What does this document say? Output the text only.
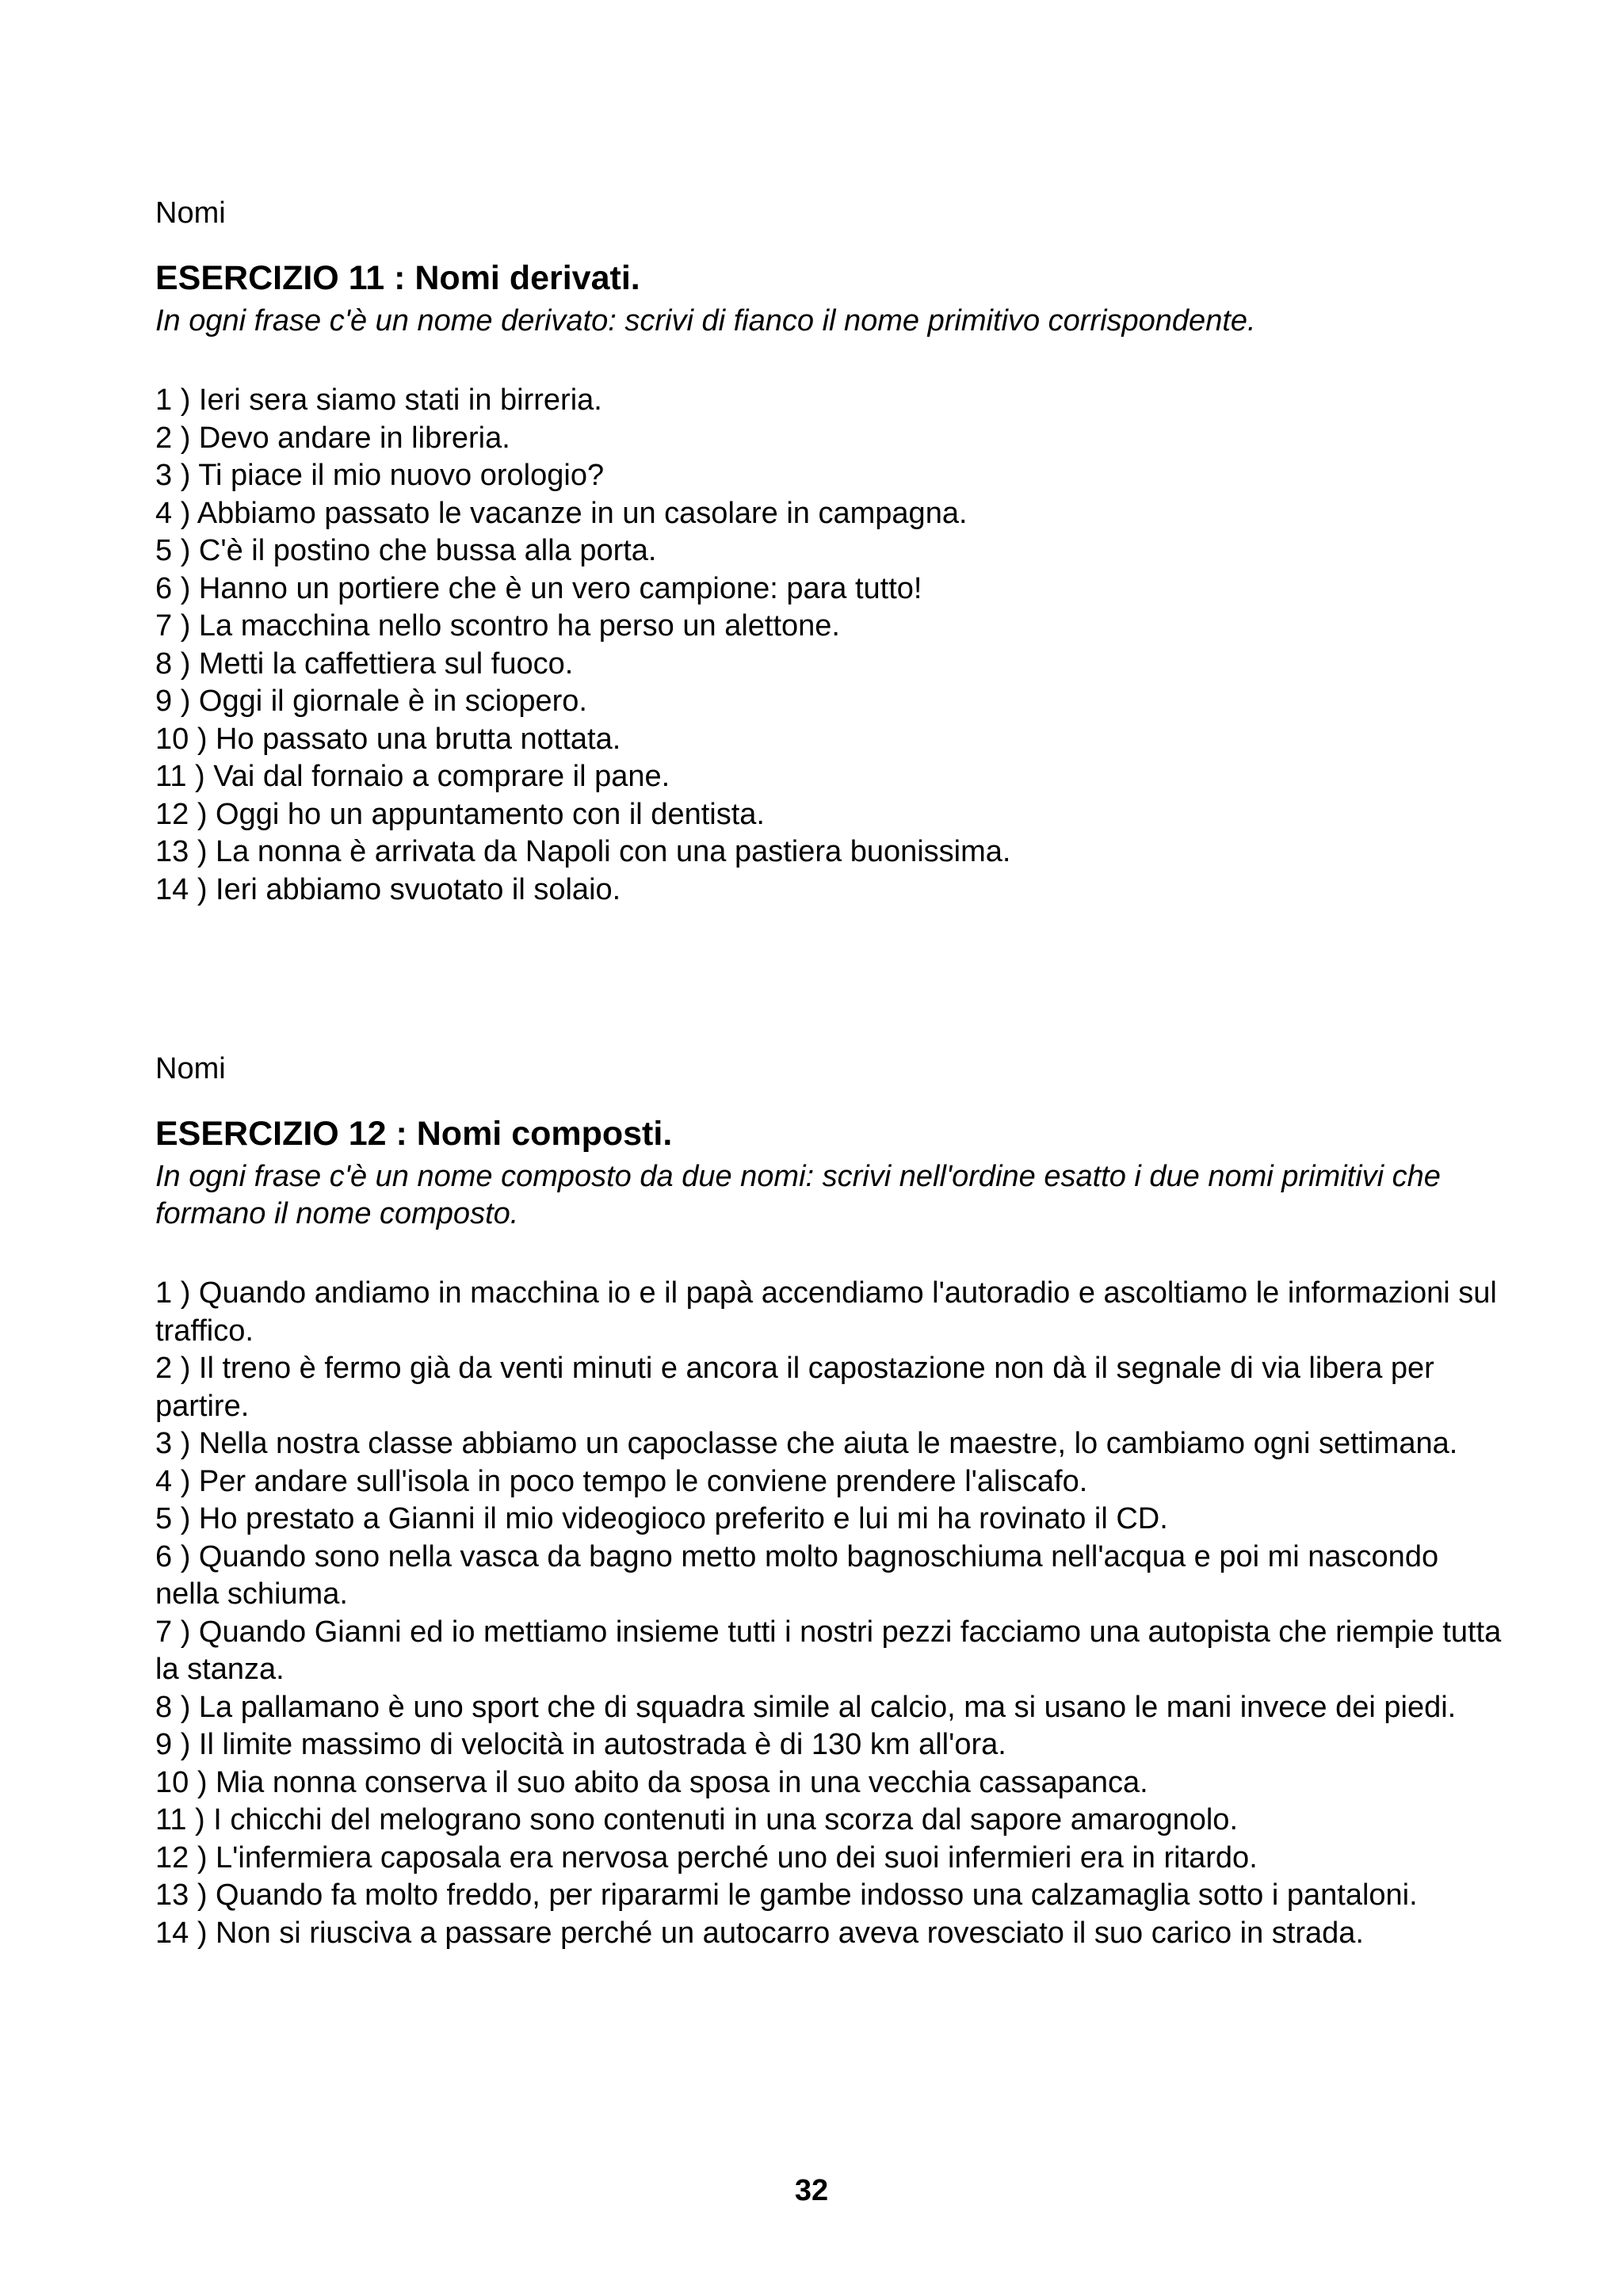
Nomi

ESERCIZIO 11 : Nomi derivati.

In ogni frase c'è un nome derivato: scrivi di fianco il nome primitivo corrispondente.

1 ) Ieri sera siamo stati in birreria.
2 ) Devo andare in libreria.
3 ) Ti piace il mio nuovo orologio?
4 ) Abbiamo passato le vacanze in un casolare in campagna.
5 ) C'è il postino che bussa alla porta.
6 ) Hanno un portiere che è un vero campione: para tutto!
7 ) La macchina nello scontro ha perso un alettone.
8 ) Metti la caffettiera sul fuoco.
9 ) Oggi il giornale è in sciopero.
10 ) Ho passato una brutta nottata.
11 ) Vai dal fornaio a comprare il pane.
12 ) Oggi ho un appuntamento con il dentista.
13 ) La nonna è arrivata da Napoli con una pastiera buonissima.
14 ) Ieri abbiamo svuotato il solaio.

Nomi

ESERCIZIO 12 : Nomi composti.

In ogni frase c'è un nome composto da due nomi: scrivi nell'ordine esatto i due nomi primitivi che formano il nome composto.

1 ) Quando andiamo in macchina io e il papà accendiamo l'autoradio e ascoltiamo le informazioni sul traffico.
2 ) Il treno è fermo già da venti minuti e ancora il capostazione non dà il segnale di via libera per partire.
3 ) Nella nostra classe abbiamo un capoclasse che aiuta le maestre, lo cambiamo ogni settimana.
4 ) Per andare sull'isola in poco tempo le conviene prendere l'aliscafo.
5 ) Ho prestato a Gianni il mio videogioco preferito e lui mi ha rovinato il CD.
6 ) Quando sono nella vasca da bagno metto molto bagnoschiuma nell'acqua e poi mi nascondo nella schiuma.
7 ) Quando Gianni ed io mettiamo insieme tutti i nostri pezzi facciamo una autopista che riempie tutta la stanza.
8 ) La pallamano è uno sport che di squadra simile al calcio, ma si usano le mani invece dei piedi.
9 ) Il limite massimo di velocità in autostrada è di 130 km all'ora.
10 ) Mia nonna conserva il suo abito da sposa in una vecchia cassapanca.
11 ) I chicchi del melograno sono contenuti in una scorza dal sapore amarognolo.
12 ) L'infermiera caposala era nervosa perché uno dei suoi infermieri era in ritardo.
13 ) Quando fa molto freddo, per ripararmi le gambe indosso una calzamaglia sotto i pantaloni.
14 ) Non si riusciva a passare perché un autocarro aveva rovesciato il suo carico in strada.
32
